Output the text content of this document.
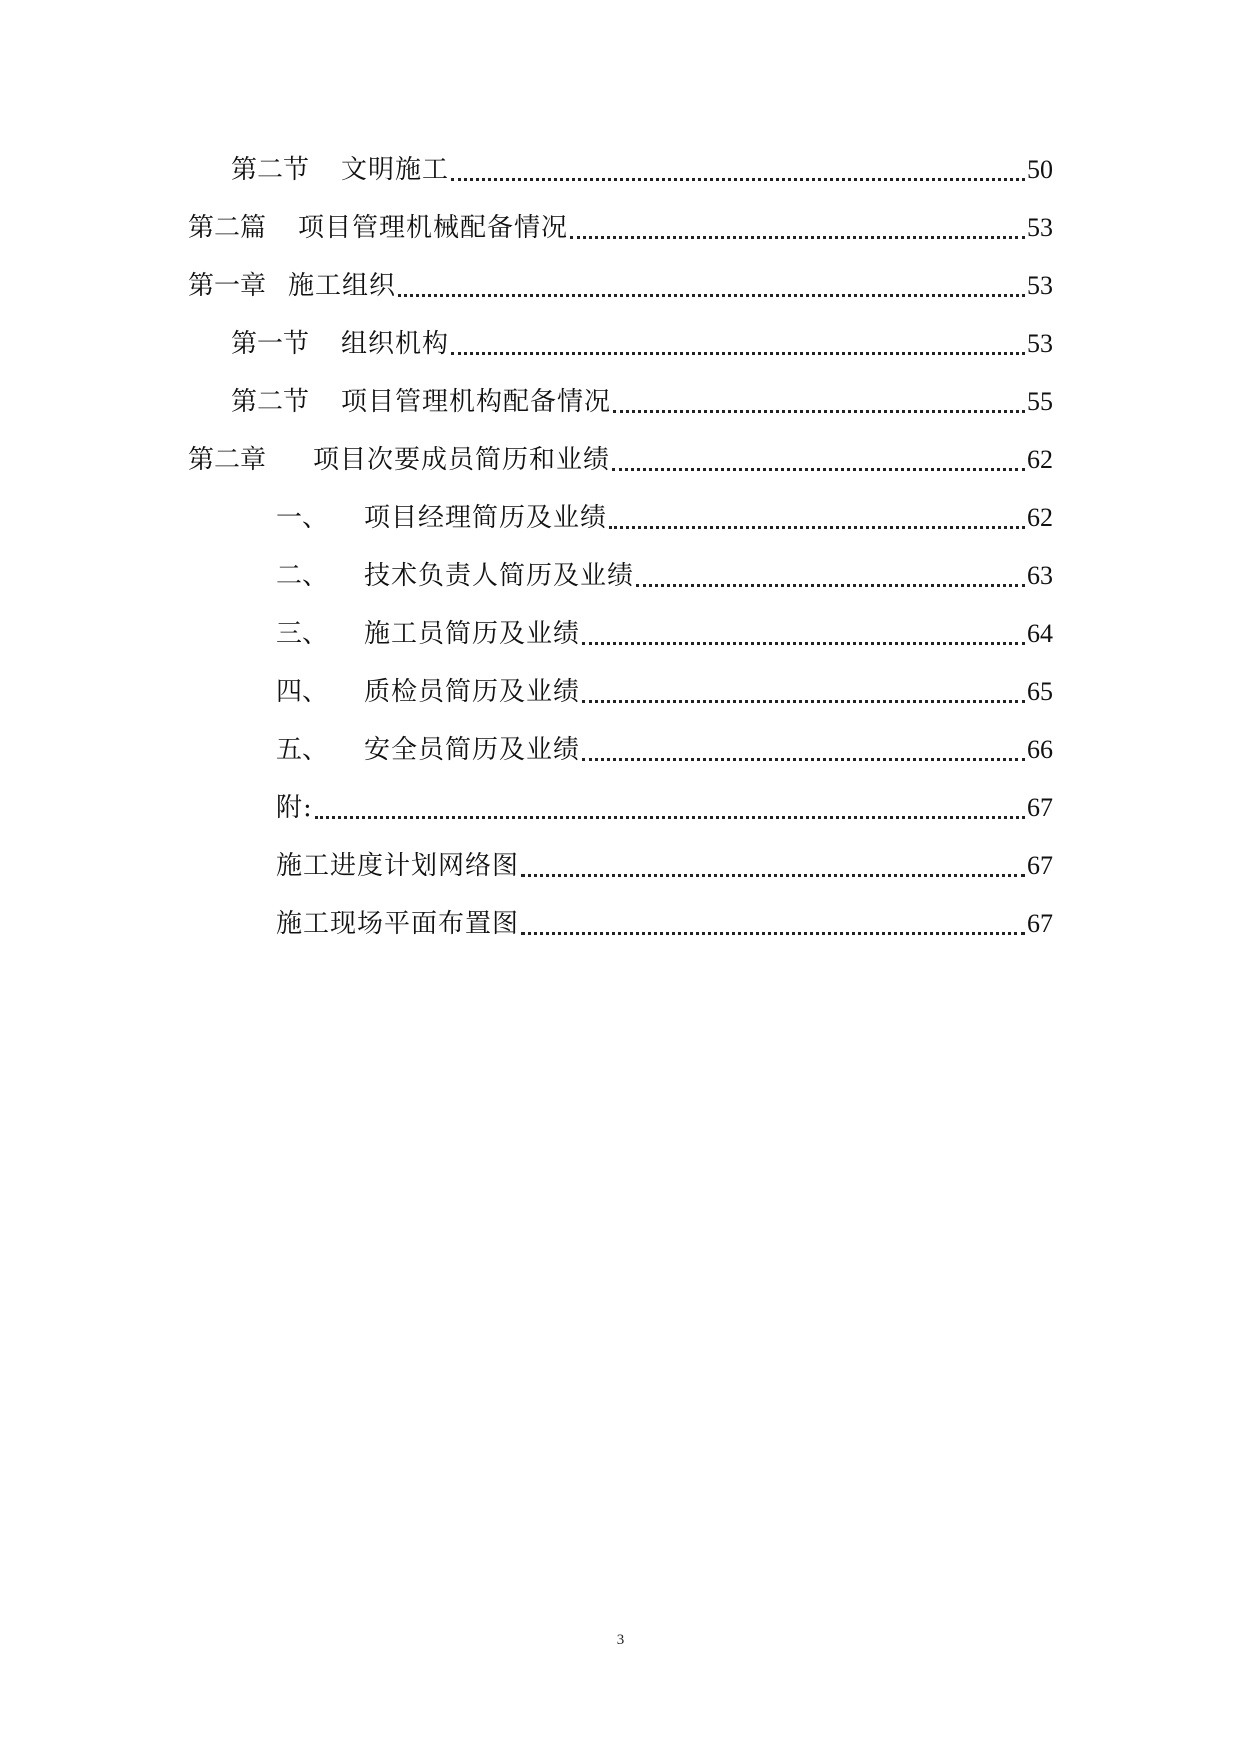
第二节	文明施工	50
第二篇	项目管理机械配备情况	53
第一章 施工组织	53
第一节	组织机构	53
第二节	项目管理机构配备情况	55
第二章	项目次要成员简历和业绩	62
一、	项目经理简历及业绩	62
二、	技术负责人简历及业绩	63
三、	施工员简历及业绩	64
四、	质检员简历及业绩	65
五、	安全员简历及业绩	66
附:	67
施工进度计划网络图	67
施工现场平面布置图	67
3
